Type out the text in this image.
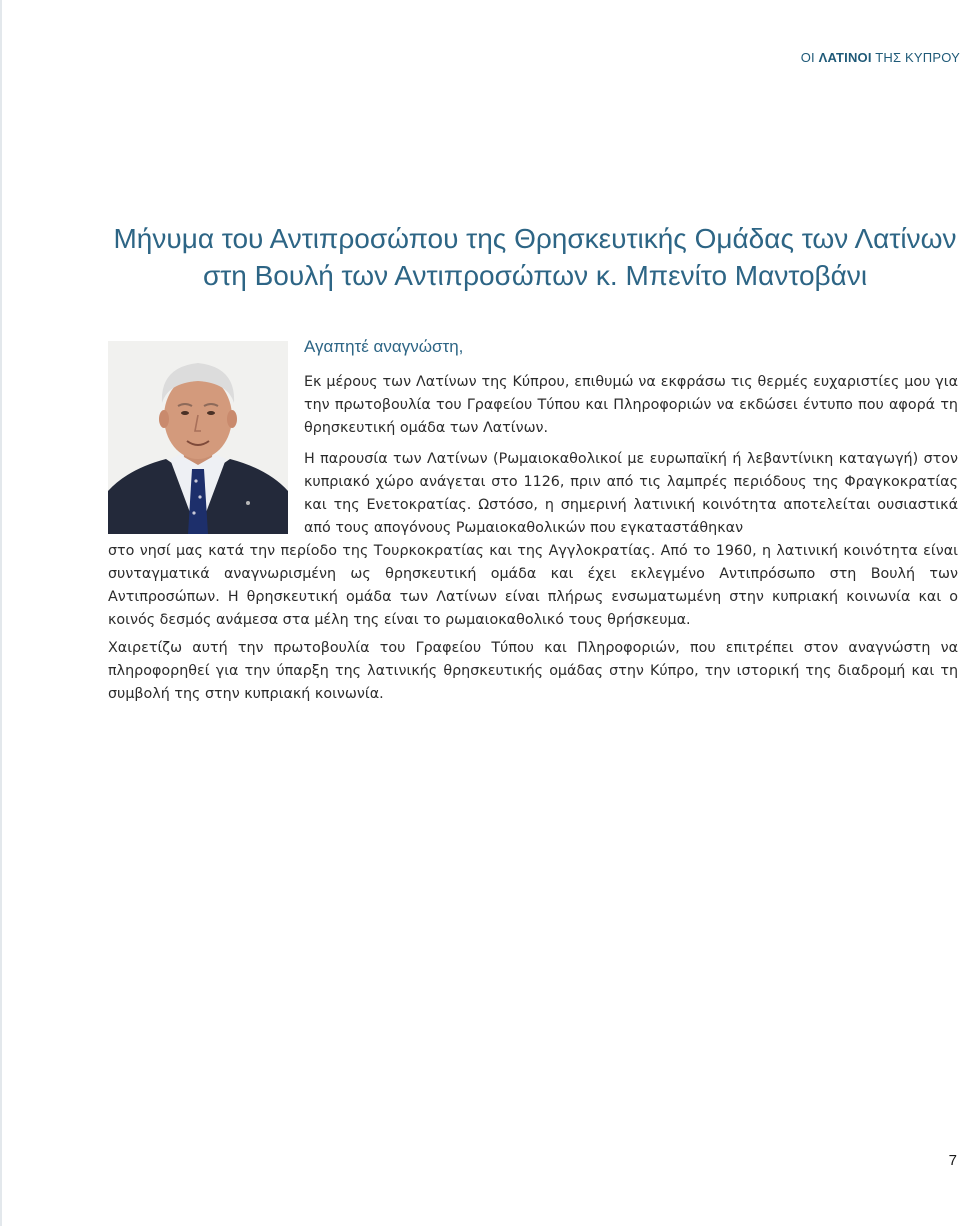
ΟΙ ΛΑΤΙΝΟΙ ΤΗΣ ΚΥΠΡΟΥ
Μήνυμα του Αντιπροσώπου της Θρησκευτικής Ομάδας των Λατίνων
στη Βουλή των Αντιπροσώπων κ. Μπενίτο Μαντοβάνι
Αγαπητέ αναγνώστη,

Εκ μέρους των Λατίνων της Κύπρου, επιθυμώ να εκφράσω τις θερμές ευχαριστίες μου για την πρωτοβουλία του Γραφείου Τύπου και Πληροφοριών να εκδώσει έντυπο που αφορά τη θρησκευτική ομάδα των Λατίνων.

Η παρουσία των Λατίνων (Ρωμαιοκαθολικοί με ευρωπαϊκή ή λεβαντίνικη καταγωγή) στον κυπριακό χώρο ανάγεται στο 1126, πριν από τις λαμπρές περιόδους της Φραγκοκρατίας και της Ενετοκρατίας. Ωστόσο, η σημερινή λατινική κοινότητα αποτελείται ουσιαστικά από τους απογόνους Ρωμαιοκαθολικών που εγκαταστάθηκαν

στο νησί μας κατά την περίοδο της Τουρκοκρατίας και της Αγγλοκρατίας. Από το 1960, η λατινική κοινότητα είναι συνταγματικά αναγνωρισμένη ως θρησκευτική ομάδα και έχει εκλεγμένο Αντιπρόσωπο στη Βουλή των Αντιπροσώπων. Η θρησκευτική ομάδα των Λατίνων είναι πλήρως ενσωματωμένη στην κυπριακή κοινωνία και ο κοινός δεσμός ανάμεσα στα μέλη της είναι το ρωμαιοκαθολικό τους θρήσκευμα.

Χαιρετίζω αυτή την πρωτοβουλία του Γραφείου Τύπου και Πληροφοριών, που επιτρέπει στον αναγνώστη να πληροφορηθεί για την ύπαρξη της λατινικής θρησκευτικής ομάδας στην Κύπρο, την ιστορική της διαδρομή και τη συμβολή της στην κυπριακή κοινωνία.

7
